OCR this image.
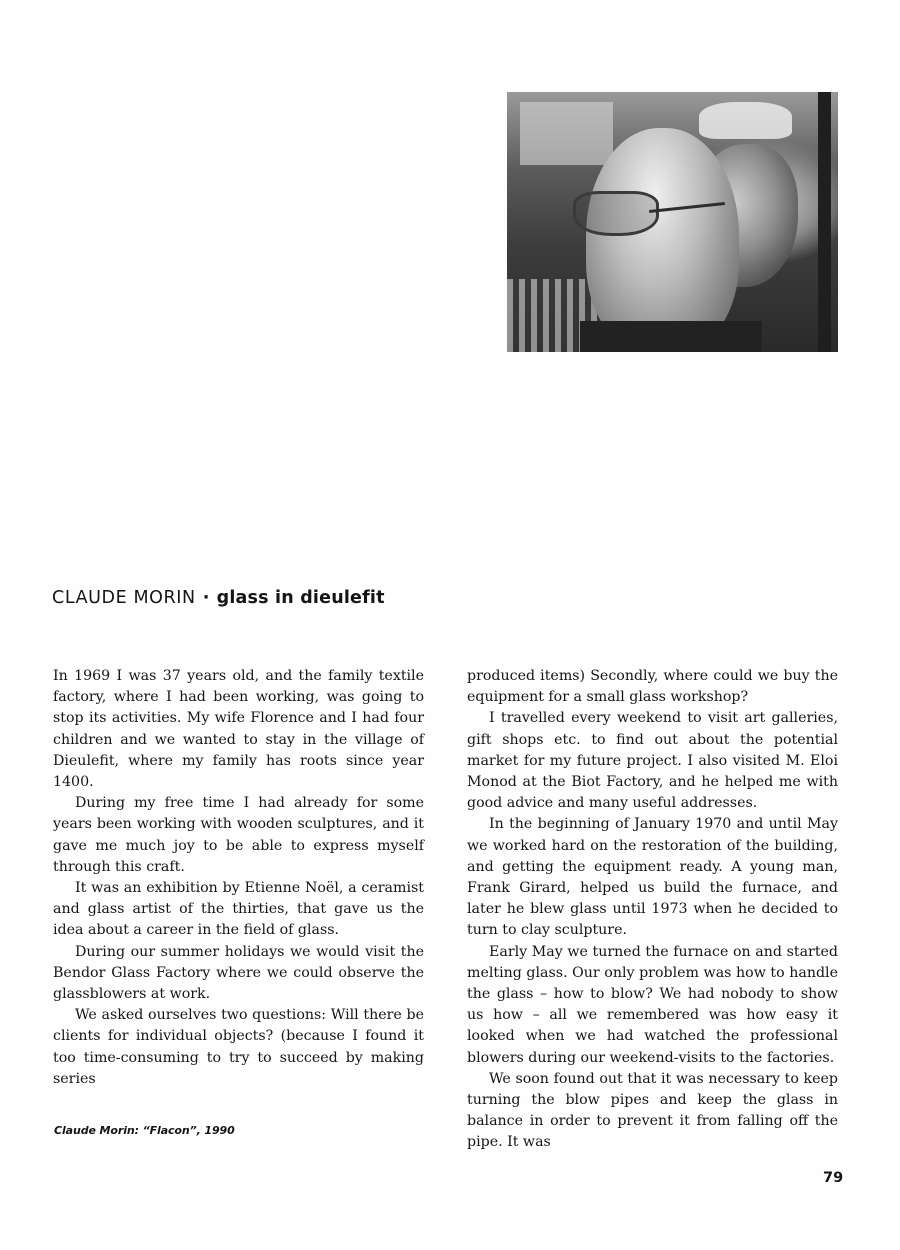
CLAUDE MORIN · glass in dieulefit

In 1969 I was 37 years old, and the family textile factory, where I had been working, was going to stop its activities. My wife Florence and I had four children and we wanted to stay in the village of Dieulefit, where my family has roots since year 1400.

During my free time I had already for some years been working with wooden sculptures, and it gave me much joy to be able to express myself through this craft.

It was an exhibition by Etienne Noël, a ceramist and glass artist of the thirties, that gave us the idea about a career in the field of glass.

During our summer holidays we would visit the Bendor Glass Factory where we could observe the glassblowers at work.

We asked ourselves two questions: Will there be clients for individual objects? (because I found it too time-consuming to try to succeed by making series

produced items) Secondly, where could we buy the equipment for a small glass workshop?

I travelled every weekend to visit art galleries, gift shops etc. to find out about the potential market for my future project. I also visited M. Eloi Monod at the Biot Factory, and he helped me with good advice and many useful addresses.

In the beginning of January 1970 and until May we worked hard on the restoration of the building, and getting the equipment ready. A young man, Frank Girard, helped us build the furnace, and later he blew glass until 1973 when he decided to turn to clay sculpture.

Early May we turned the furnace on and started melting glass. Our only problem was how to handle the glass – how to blow? We had nobody to show us how – all we remembered was how easy it looked when we had watched the professional blowers during our weekend-visits to the factories.

We soon found out that it was necessary to keep turning the blow pipes and keep the glass in balance in order to prevent it from falling off the pipe. It was

Claude Morin: “Flacon”, 1990

79
